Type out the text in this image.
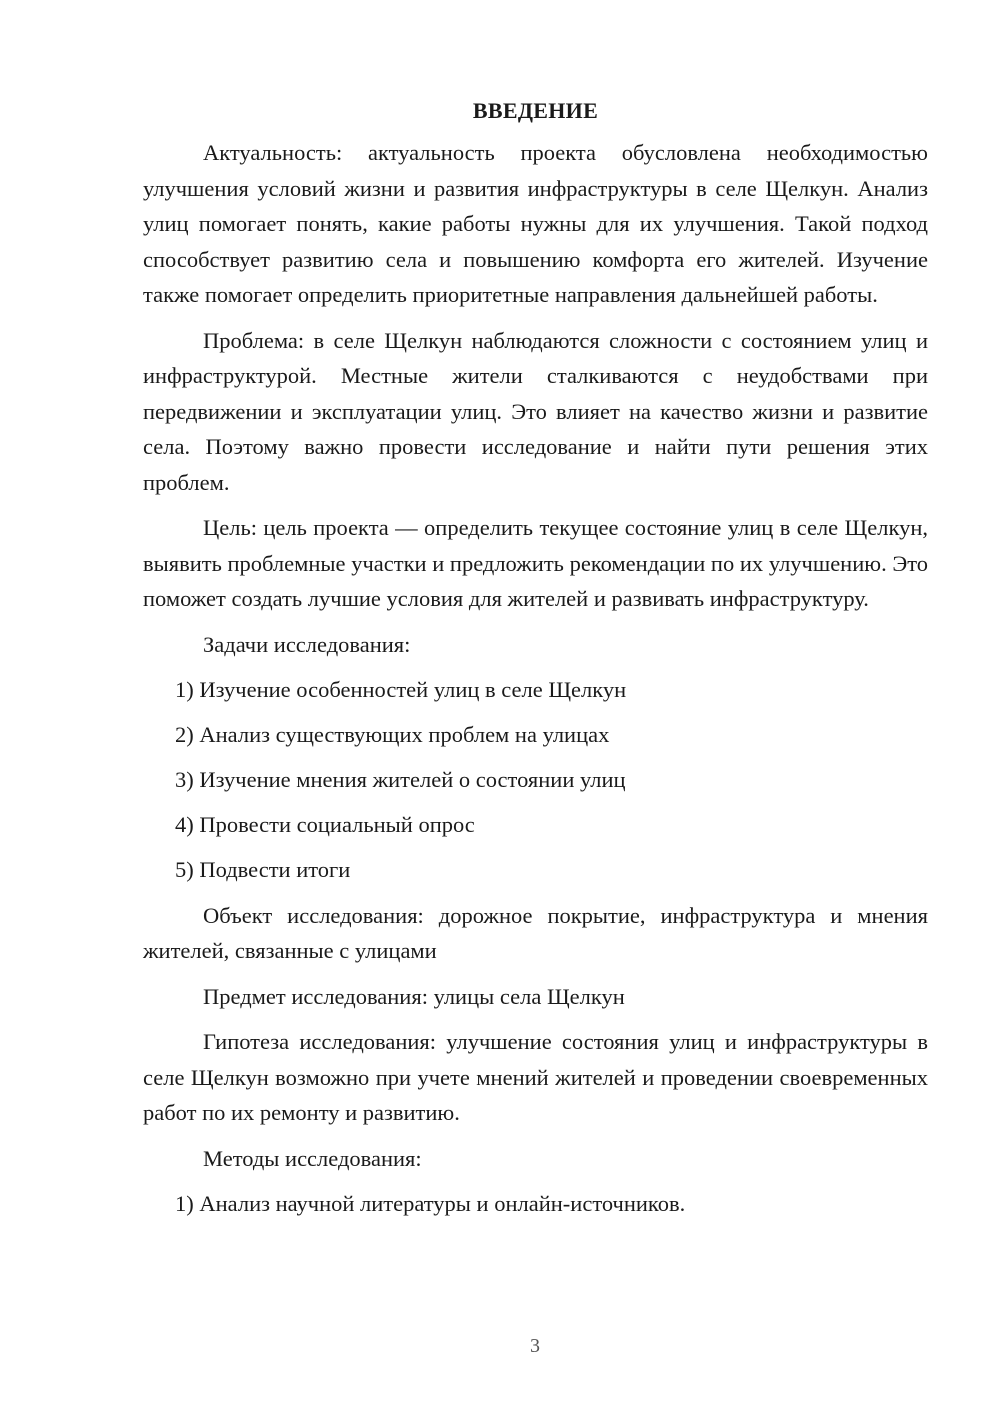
ВВЕДЕНИЕ

Актуальность: актуальность проекта обусловлена необходимостью улучшения условий жизни и развития инфраструктуры в селе Щелкун. Анализ улиц помогает понять, какие работы нужны для их улучшения. Такой подход способствует развитию села и повышению комфорта его жителей. Изучение также помогает определить приоритетные направления дальнейшей работы.

Проблема: в селе Щелкун наблюдаются сложности с состоянием улиц и инфраструктурой. Местные жители сталкиваются с неудобствами при передвижении и эксплуатации улиц. Это влияет на качество жизни и развитие села. Поэтому важно провести исследование и найти пути решения этих проблем.

Цель: цель проекта — определить текущее состояние улиц в селе Щелкун, выявить проблемные участки и предложить рекомендации по их улучшению. Это поможет создать лучшие условия для жителей и развивать инфраструктуру.

Задачи исследования:

1) Изучение особенностей улиц в селе Щелкун
2) Анализ существующих проблем на улицах
3) Изучение мнения жителей о состоянии улиц
4) Провести социальный опрос
5) Подвести итоги

Объект исследования: дорожное покрытие, инфраструктура и мнения жителей, связанные с улицами

Предмет исследования: улицы села Щелкун

Гипотеза исследования: улучшение состояния улиц и инфраструктуры в селе Щелкун возможно при учете мнений жителей и проведении своевременных работ по их ремонту и развитию.

Методы исследования:

1) Анализ научной литературы и онлайн-источников.
3
